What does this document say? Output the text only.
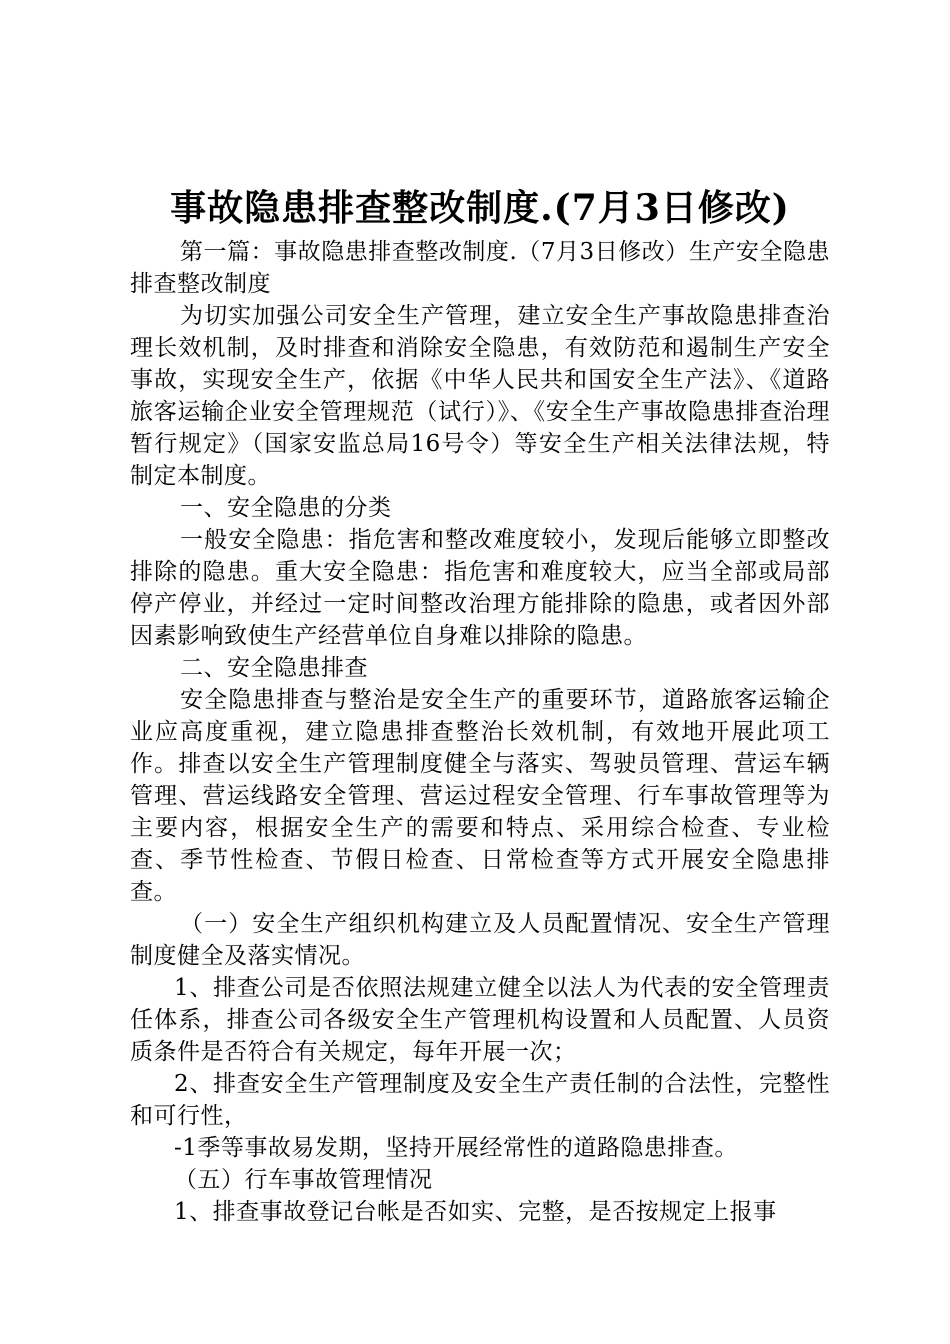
事故隐患排查整改制度.(7月3日修改)

第一篇：事故隐患排查整改制度.（7月3日修改）生产安全隐患排查整改制度

为切实加强公司安全生产管理，建立安全生产事故隐患排查治理长效机制，及时排查和消除安全隐患，有效防范和遏制生产安全事故，实现安全生产，依据《中华人民共和国安全生产法》、《道路旅客运输企业安全管理规范（试行）》、《安全生产事故隐患排查治理暂行规定》（国家安监总局16号令）等安全生产相关法律法规，特制定本制度。

一、安全隐患的分类

一般安全隐患：指危害和整改难度较小，发现后能够立即整改排除的隐患。重大安全隐患：指危害和难度较大，应当全部或局部停产停业，并经过一定时间整改治理方能排除的隐患，或者因外部因素影响致使生产经营单位自身难以排除的隐患。

二、安全隐患排查

安全隐患排查与整治是安全生产的重要环节，道路旅客运输企业应高度重视，建立隐患排查整治长效机制，有效地开展此项工作。排查以安全生产管理制度健全与落实、驾驶员管理、营运车辆管理、营运线路安全管理、营运过程安全管理、行车事故管理等为主要内容，根据安全生产的需要和特点、采用综合检查、专业检查、季节性检查、节假日检查、日常检查等方式开展安全隐患排查。

（一）安全生产组织机构建立及人员配置情况、安全生产管理制度健全及落实情况。

1、排查公司是否依照法规建立健全以法人为代表的安全管理责任体系，排查公司各级安全生产管理机构设置和人员配置、人员资质条件是否符合有关规定，每年开展一次；

2、排查安全生产管理制度及安全生产责任制的合法性，完整性和可行性，

-1季等事故易发期，坚持开展经常性的道路隐患排查。

（五）行车事故管理情况

1、排查事故登记台帐是否如实、完整，是否按规定上报事
